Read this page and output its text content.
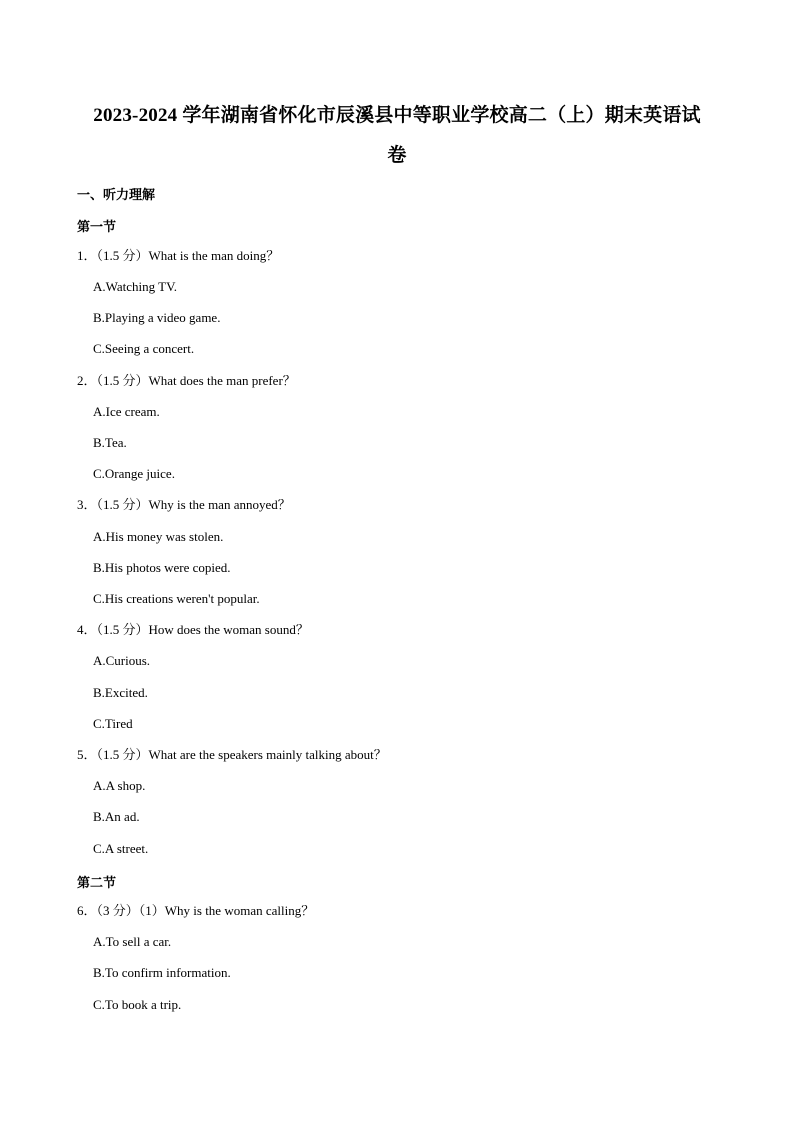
2023-2024 学年湖南省怀化市辰溪县中等职业学校高二（上）期末英语试
卷
一、听力理解
第一节
1．（1.5 分）What is the man doing？
A.Watching TV.
B.Playing a video game.
C.Seeing a concert.
2．（1.5 分）What does the man prefer？
A.Ice cream.
B.Tea.
C.Orange juice.
3．（1.5 分）Why is the man annoyed？
A.His money was stolen.
B.His photos were copied.
C.His creations weren't popular.
4．（1.5 分）How does the woman sound？
A.Curious.
B.Excited.
C.Tired
5．（1.5 分）What are the speakers mainly talking about？
A.A shop.
B.An ad.
C.A street.
第二节
6．（3 分）（1）Why is the woman calling？
A.To sell a car.
B.To confirm information.
C.To book a trip.
